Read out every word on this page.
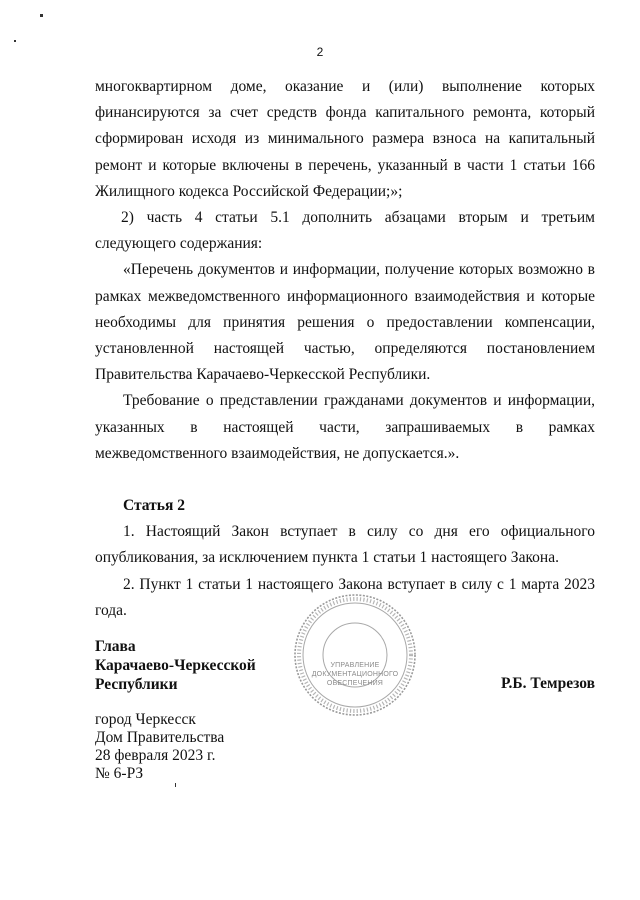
2

многоквартирном доме, оказание и (или) выполнение которых финансируются за счет средств фонда капитального ремонта, который сформирован исходя из минимального размера взноса на капитальный ремонт и которые включены в перечень, указанный в части 1 статьи 166 Жилищного кодекса Российской Федерации;»;

2) часть 4 статьи 5.1 дополнить абзацами вторым и третьим следующего содержания:

«Перечень документов и информации, получение которых возможно в рамках межведомственного информационного взаимодействия и которые необходимы для принятия решения о предоставлении компенсации, установленной настоящей частью, определяются постановлением Правительства Карачаево-Черкесской Республики.

Требование о представлении гражданами документов и информации, указанных в настоящей части, запрашиваемых в рамках межведомственного взаимодействия, не допускается.».

Статья 2

1. Настоящий Закон вступает в силу со дня его официального опубликования, за исключением пункта 1 статьи 1 настоящего Закона.

2. Пункт 1 статьи 1 настоящего Закона вступает в силу с 1 марта 2023 года.

УПРАВЛЕНИЕ
ДОКУМЕНТАЦИОННОГО
ОБЕСПЕЧЕНИЯ
Глава
Карачаево-Черкесской
Республики	Р.Б. Темрезов
город Черкесск
Дом Правительства
28 февраля 2023 г.
№ 6-РЗ
